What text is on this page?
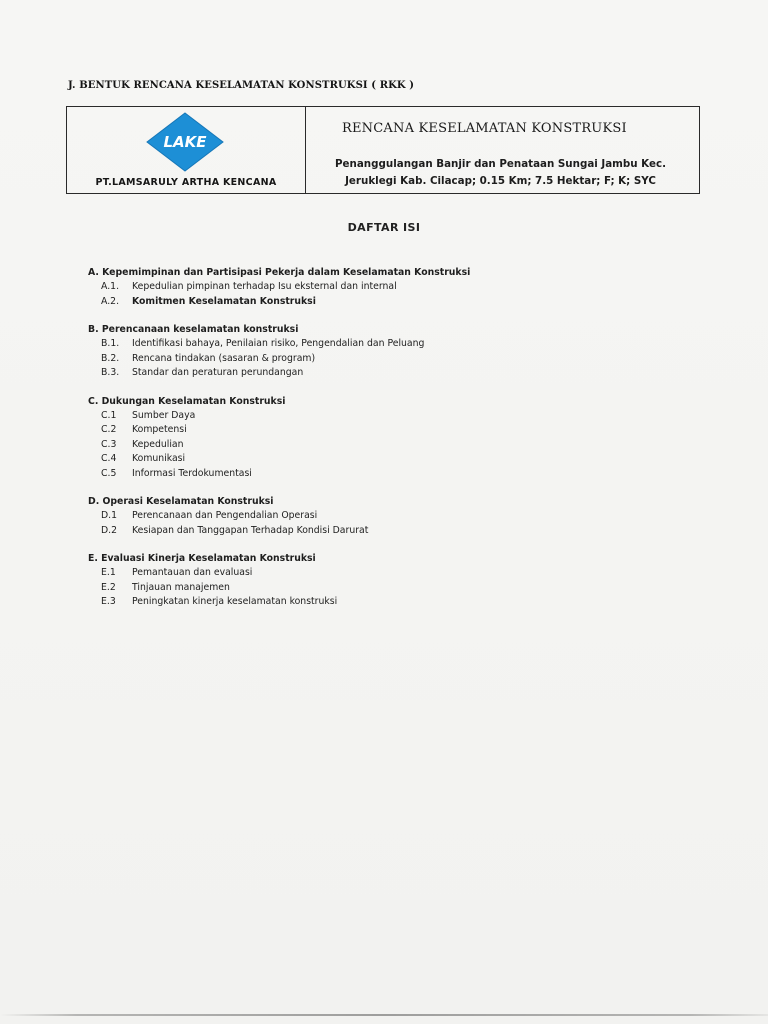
J. BENTUK RENCANA KESELAMATAN KONSTRUKSI ( RKK )
LAKE
PT.LAMSARULY ARTHA KENCANA
RENCANA KESELAMATAN KONSTRUKSI
Penanggulangan Banjir dan Penataan Sungai Jambu Kec.
Jeruklegi Kab. Cilacap; 0.15 Km; 7.5 Hektar; F; K; SYC
DAFTAR ISI
A. Kepemimpinan dan Partisipasi Pekerja dalam Keselamatan Konstruksi
A.1.	Kepedulian pimpinan terhadap Isu eksternal dan internal
A.2.	Komitmen Keselamatan Konstruksi
B. Perencanaan keselamatan konstruksi
B.1.	Identifikasi bahaya, Penilaian risiko, Pengendalian dan Peluang
B.2.	Rencana tindakan (sasaran & program)
B.3.	Standar dan peraturan perundangan
C. Dukungan Keselamatan Konstruksi
C.1	Sumber Daya
C.2	Kompetensi
C.3	Kepedulian
C.4	Komunikasi
C.5	Informasi Terdokumentasi
D. Operasi Keselamatan Konstruksi
D.1	Perencanaan dan Pengendalian Operasi
D.2	Kesiapan dan Tanggapan Terhadap Kondisi Darurat
E. Evaluasi Kinerja Keselamatan Konstruksi
E.1	Pemantauan dan evaluasi
E.2	Tinjauan manajemen
E.3	Peningkatan kinerja keselamatan konstruksi
